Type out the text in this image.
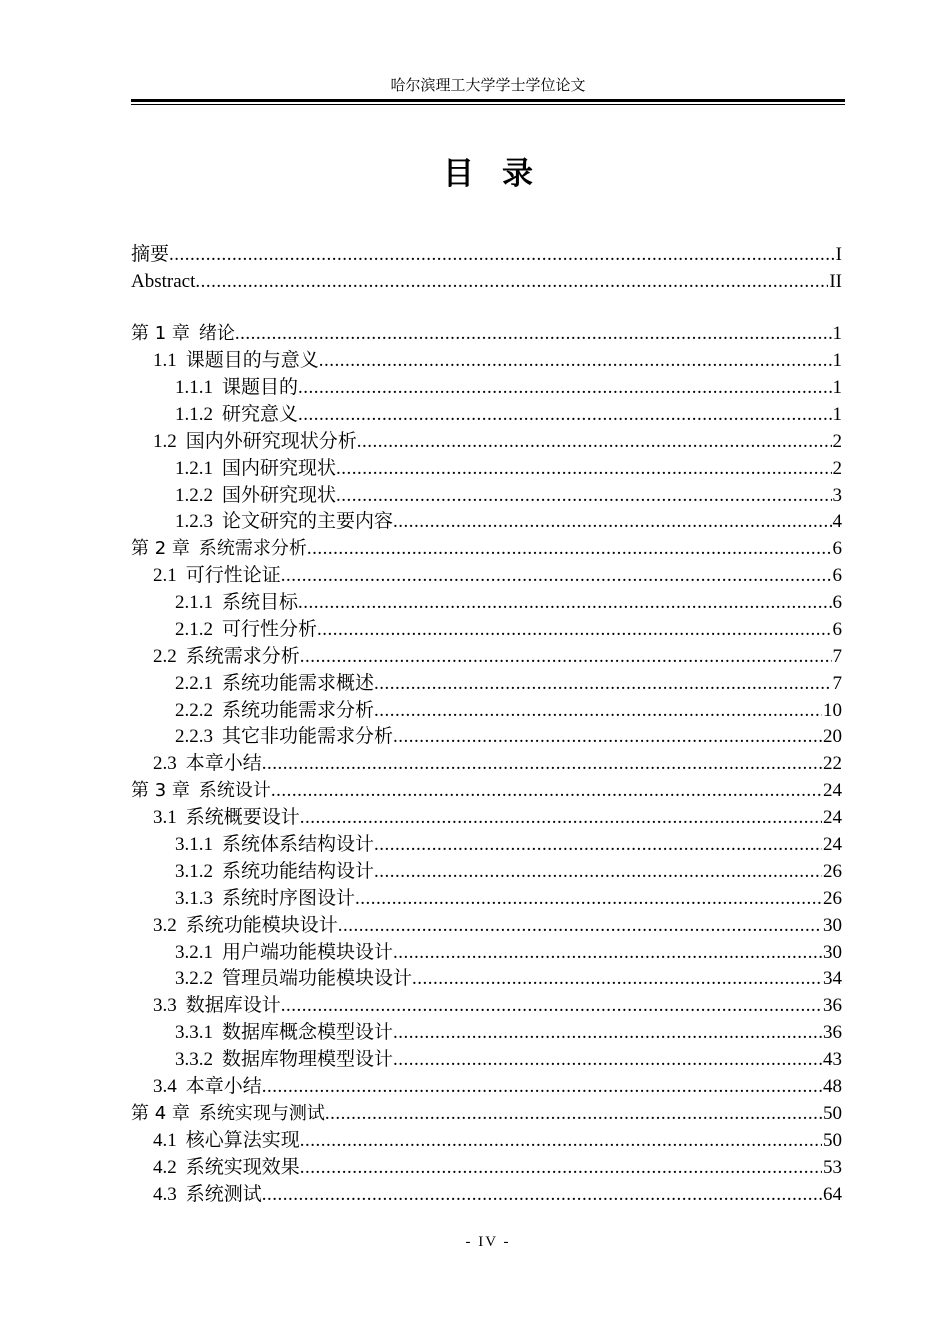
哈尔滨理工大学学士学位论文
目录
摘要 .....	I
Abstract .....	II
第 1 章 绪论 .....	1
1.1 课题目的与意义 .....	1
1.1.1 课题目的 .....	1
1.1.2 研究意义 .....	1
1.2 国内外研究现状分析 .....	2
1.2.1 国内研究现状 .....	2
1.2.2 国外研究现状 .....	3
1.2.3 论文研究的主要内容 .....	4
第 2 章 系统需求分析 .....	6
2.1 可行性论证 .....	6
2.1.1 系统目标 .....	6
2.1.2 可行性分析 .....	6
2.2 系统需求分析 .....	7
2.2.1 系统功能需求概述 .....	7
2.2.2 系统功能需求分析 .....	10
2.2.3 其它非功能需求分析 .....	20
2.3 本章小结 .....	22
第 3 章 系统设计 .....	24
3.1 系统概要设计 .....	24
3.1.1 系统体系结构设计 .....	24
3.1.2 系统功能结构设计 .....	26
3.1.3 系统时序图设计 .....	26
3.2 系统功能模块设计 .....	30
3.2.1 用户端功能模块设计 .....	30
3.2.2 管理员端功能模块设计 .....	34
3.3 数据库设计 .....	36
3.3.1 数据库概念模型设计 .....	36
3.3.2 数据库物理模型设计 .....	43
3.4 本章小结 .....	48
第 4 章 系统实现与测试 .....	50
4.1 核心算法实现 .....	50
4.2 系统实现效果 .....	53
4.3 系统测试 .....	64
- IV -
